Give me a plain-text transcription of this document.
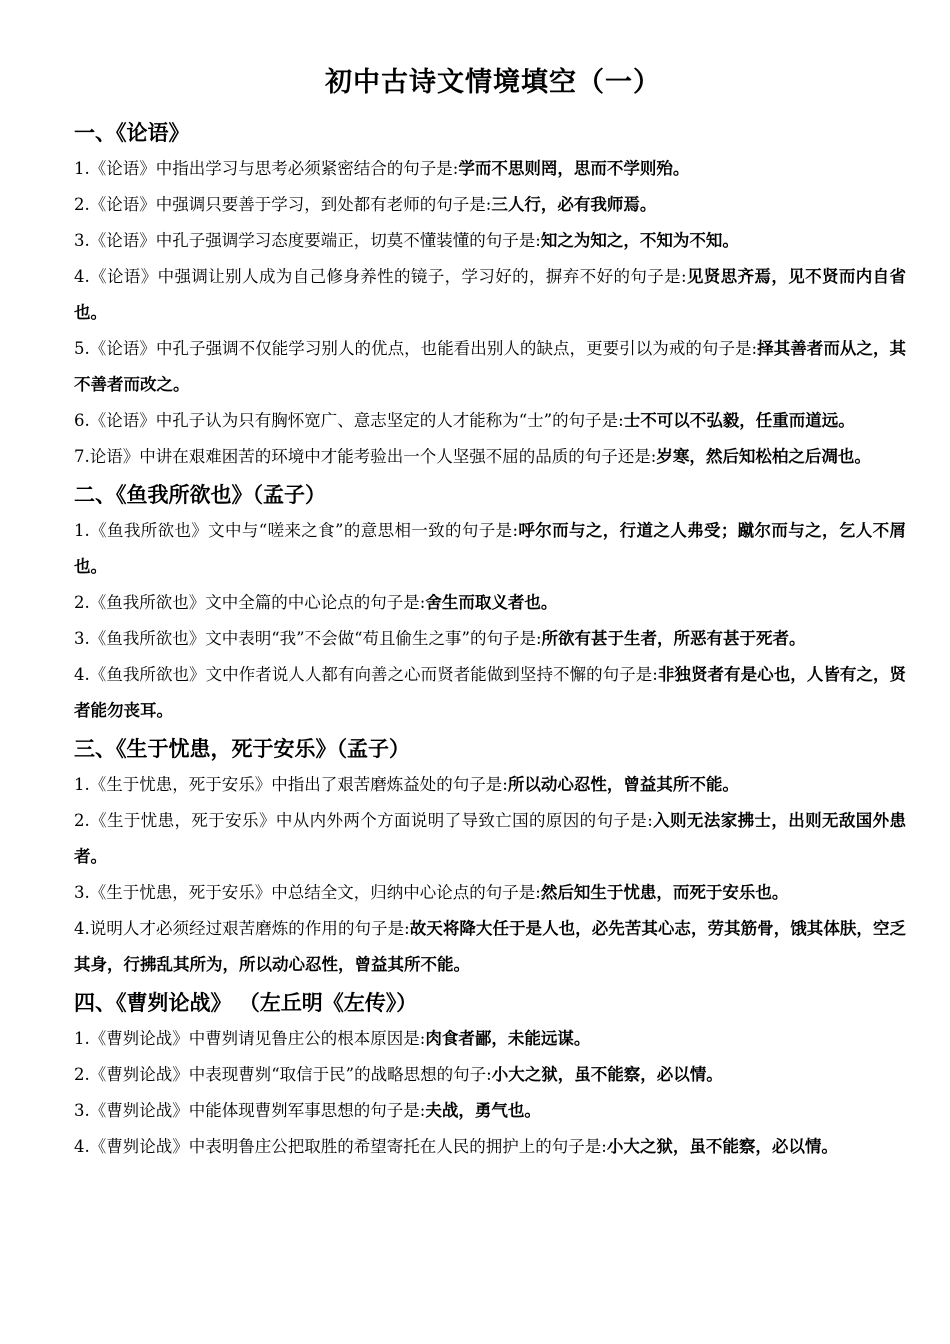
初中古诗文情境填空（一）
一、《论语》

1.《论语》中指出学习与思考必须紧密结合的句子是:学而不思则罔，思而不学则殆。

2.《论语》中强调只要善于学习，到处都有老师的句子是:三人行，必有我师焉。

3.《论语》中孔子强调学习态度要端正，切莫不懂装懂的句子是:知之为知之，不知为不知。

4.《论语》中强调让别人成为自己修身养性的镜子，学习好的，摒弃不好的句子是:见贤思齐焉，见不贤而内自省也。

5.《论语》中孔子强调不仅能学习别人的优点，也能看出别人的缺点，更要引以为戒的句子是:择其善者而从之，其不善者而改之。

6.《论语》中孔子认为只有胸怀宽广、意志坚定的人才能称为“士”的句子是:士不可以不弘毅，任重而道远。

7.论语》中讲在艰难困苦的环境中才能考验出一个人坚强不屈的品质的句子还是:岁寒，然后知松柏之后凋也。

二、《鱼我所欲也》（孟子）

1.《鱼我所欲也》文中与“嗟来之食”的意思相一致的句子是:呼尔而与之，行道之人弗受；蹴尔而与之，乞人不屑也。

2.《鱼我所欲也》文中全篇的中心论点的句子是:舍生而取义者也。

3.《鱼我所欲也》文中表明“我”不会做“苟且偷生之事”的句子是:所欲有甚于生者，所恶有甚于死者。

4.《鱼我所欲也》文中作者说人人都有向善之心而贤者能做到坚持不懈的句子是:非独贤者有是心也，人皆有之，贤者能勿丧耳。

三、《生于忧患，死于安乐》（孟子）

1.《生于忧患，死于安乐》中指出了艰苦磨炼益处的句子是:所以动心忍性，曾益其所不能。

2.《生于忧患，死于安乐》中从内外两个方面说明了导致亡国的原因的句子是:入则无法家拂士，出则无敌国外患者。

3.《生于忧患，死于安乐》中总结全文，归纳中心论点的句子是:然后知生于忧患，而死于安乐也。

4.说明人才必须经过艰苦磨炼的作用的句子是:故天将降大任于是人也，必先苦其心志，劳其筋骨，饿其体肤，空乏其身，行拂乱其所为，所以动心忍性，曾益其所不能。

四、《曹刿论战》 （左丘明《左传》）

1.《曹刿论战》中曹刿请见鲁庄公的根本原因是:肉食者鄙，未能远谋。

2.《曹刿论战》中表现曹刿“取信于民”的战略思想的句子:小大之狱，虽不能察，必以情。

3.《曹刿论战》中能体现曹刿军事思想的句子是:夫战，勇气也。

4.《曹刿论战》中表明鲁庄公把取胜的希望寄托在人民的拥护上的句子是:小大之狱，虽不能察，必以情。
